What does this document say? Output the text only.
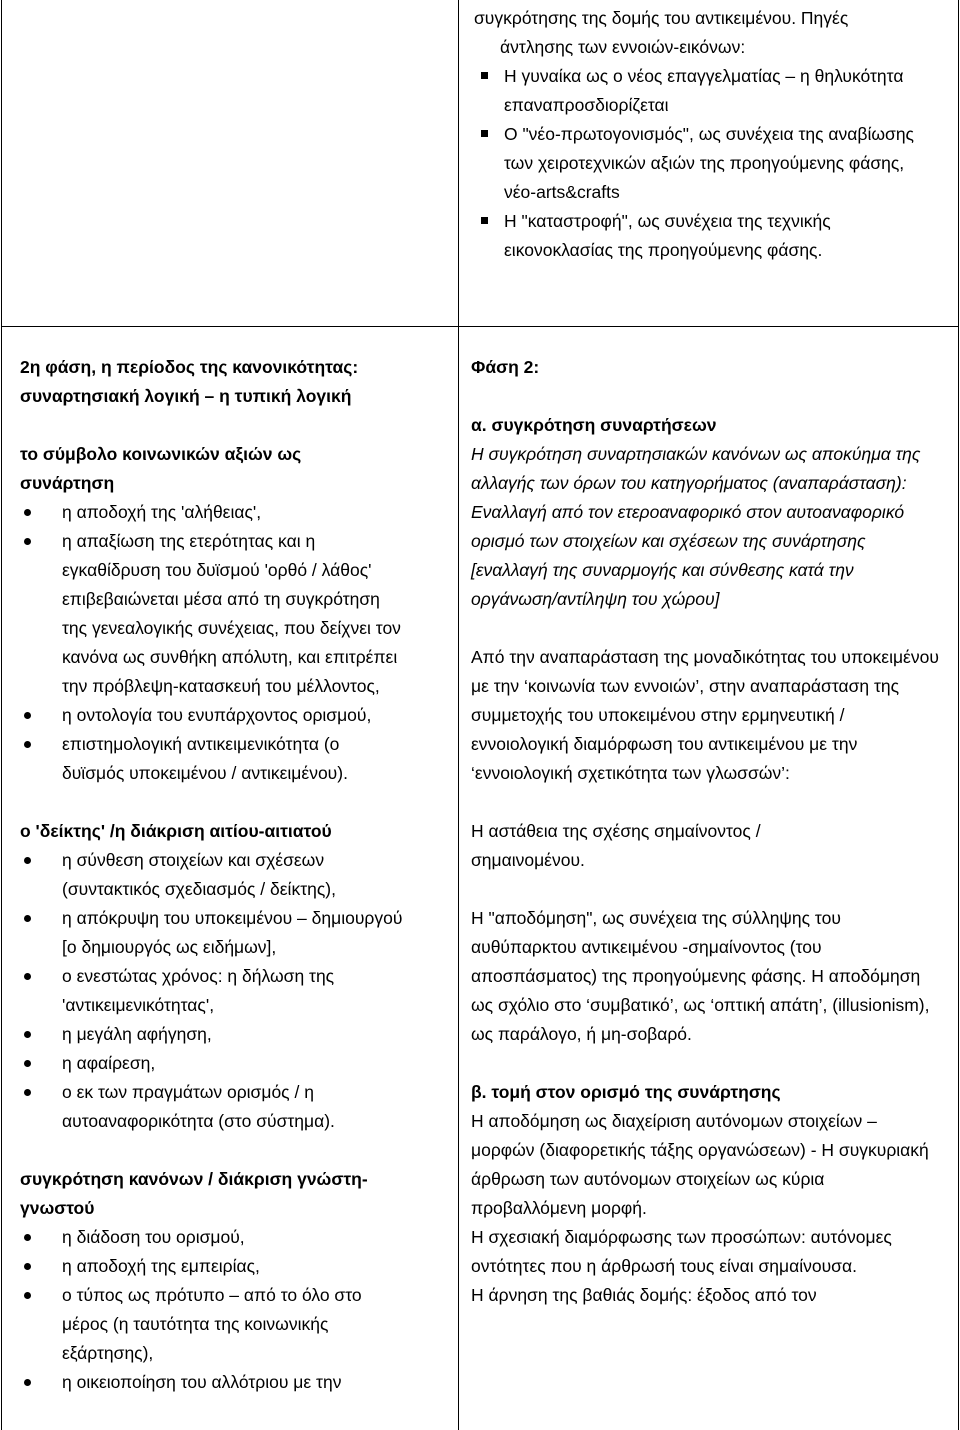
συγκρότησης της δομής του αντικειμένου. Πηγές

άντλησης των εννοιών-εικόνων:

Η γυναίκα ως ο νέος επαγγελματίας – η θηλυκότητα επαναπροσδιορίζεται
Ο "νέο-πρωτογονισμός", ως συνέχεια της αναβίωσης των χειροτεχνικών αξιών της προηγούμενης φάσης, νέο-arts&crafts
Η "καταστροφή", ως συνέχεια της τεχνικής εικονοκλασίας της προηγούμενης φάσης.

2η φάση, η περίοδος της κανονικότητας: συναρτησιακή λογική – η τυπική λογική

το σύμβολο κοινωνικών αξιών ως συνάρτηση

η αποδοχή της 'αλήθειας',
η απαξίωση της ετερότητας και η εγκαθίδρυση του δυϊσμού 'ορθό / λάθος' επιβεβαιώνεται μέσα από τη συγκρότηση της γενεαλογικής συνέχειας, που δείχνει τον κανόνα ως συνθήκη απόλυτη, και επιτρέπει την πρόβλεψη-κατασκευή του μέλλοντος,
η οντολογία του ενυπάρχοντος ορισμού,
επιστημολογική αντικειμενικότητα (ο δυϊσμός υποκειμένου / αντικειμένου).

ο 'δείκτης' /η διάκριση αιτίου-αιτιατού

η σύνθεση στοιχείων και σχέσεων (συντακτικός σχεδιασμός / δείκτης),
η απόκρυψη του υποκειμένου – δημιουργού [ο δημιουργός ως ειδήμων],
ο ενεστώτας χρόνος: η δήλωση της 'αντικειμενικότητας',
η μεγάλη αφήγηση,
η αφαίρεση,
ο εκ των πραγμάτων ορισμός / η αυτοαναφορικότητα (στο σύστημα).

συγκρότηση κανόνων / διάκριση γνώστη-γνωστού

η διάδοση του ορισμού,
η αποδοχή της εμπειρίας,
ο τύπος ως πρότυπο – από το όλο στο μέρος (η ταυτότητα της κοινωνικής εξάρτησης),
η οικειοποίηση του αλλότριου με την

Φάση 2:

α. συγκρότηση συναρτήσεων

Η συγκρότηση συναρτησιακών κανόνων ως αποκύημα της αλλαγής των όρων του κατηγορήματος (αναπαράσταση): Εναλλαγή από τον ετεροαναφορικό στον αυτοαναφορικό ορισμό των στοιχείων και σχέσεων της συνάρτησης [εναλλαγή της συναρμογής και σύνθεσης κατά την οργάνωση/αντίληψη του χώρου]

Από την αναπαράσταση της μοναδικότητας του υποκειμένου με την ‘κοινωνία των εννοιών’, στην αναπαράσταση της συμμετοχής του υποκειμένου στην ερμηνευτική / εννοιολογική διαμόρφωση του αντικειμένου με την ‘εννοιολογική σχετικότητα των γλωσσών’:

Η αστάθεια της σχέσης σημαίνοντος / σημαινομένου.

Η "αποδόμηση", ως συνέχεια της σύλληψης του αυθύπαρκτου αντικειμένου -σημαίνοντος (του αποσπάσματος) της προηγούμενης φάσης. Η αποδόμηση ως σχόλιο στο ‘συμβατικό’, ως ‘οπτική απάτη’, (illusionism), ως παράλογο, ή μη-σοβαρό.

β. τομή στον ορισμό της συνάρτησης

Η αποδόμηση ως διαχείριση αυτόνομων στοιχείων – μορφών (διαφορετικής τάξης οργανώσεων) - Η συγκυριακή άρθρωση των αυτόνομων στοιχείων ως κύρια προβαλλόμενη μορφή.

Η σχεσιακή διαμόρφωσης των προσώπων: αυτόνομες οντότητες που η άρθρωσή τους είναι σημαίνουσα.

Η άρνηση της βαθιάς δομής: έξοδος από τον
